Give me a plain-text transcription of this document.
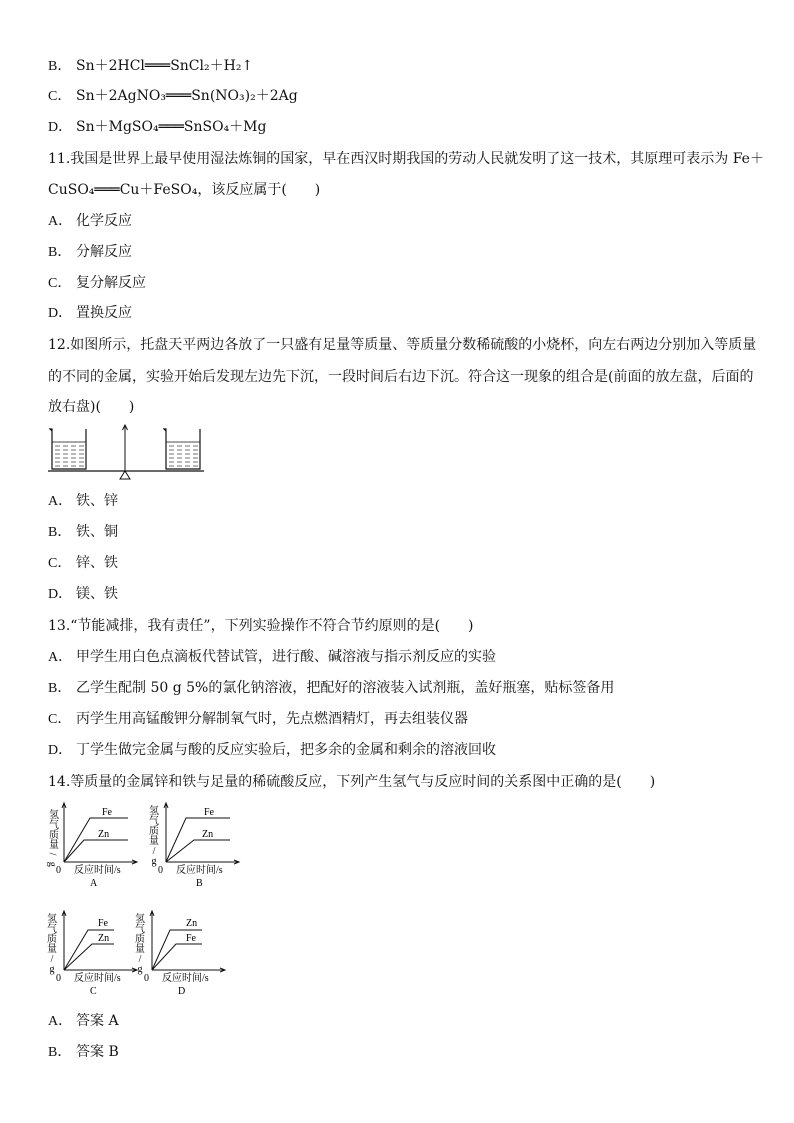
B． Sn＋2HCl═══SnCl₂＋H₂↑
C． Sn＋2AgNO₃═══Sn(NO₃)₂＋2Ag
D． Sn＋MgSO₄═══SnSO₄＋Mg
11.我国是世界上最早使用湿法炼铜的国家，早在西汉时期我国的劳动人民就发明了这一技术，其原理可表示为 Fe＋
CuSO₄═══Cu＋FeSO₄，该反应属于(　　)
A． 化学反应
B． 分解反应
C． 复分解反应
D． 置换反应
12.如图所示，托盘天平两边各放了一只盛有足量等质量、等质量分数稀硫酸的小烧杯，向左右两边分别加入等质量
的不同的金属，实验开始后发现左边先下沉，一段时间后右边下沉。符合这一现象的组合是(前面的放左盘，后面的
放右盘)(　　)
A． 铁、锌
B． 铁、铜
C． 锌、铁
D． 镁、铁
13.“节能减排，我有责任”，下列实验操作不符合节约原则的是(　　)
A． 甲学生用白色点滴板代替试管，进行酸、碱溶液与指示剂反应的实验
B． 乙学生配制 50 g 5%的氯化钠溶液，把配好的溶液装入试剂瓶，盖好瓶塞，贴标签备用
C． 丙学生用高锰酸钾分解制氧气时，先点燃酒精灯，再去组装仪器
D． 丁学生做完金属与酸的反应实验后，把多余的金属和剩余的溶液回收
14.等质量的金属锌和铁与足量的稀硫酸反应，下列产生氢气与反应时间的关系图中正确的是(　　)
氢气质量/ g
Fe
Zn
0 反应时间/s
A
氢气质量/ g
Fe
Zn
0 反应时间/s
B
氢气质量/ g
Fe
Zn
0 反应时间/s
C
氢气质量/ g
Zn
Fe
0 反应时间/s
D
A． 答案 A
B． 答案 B
